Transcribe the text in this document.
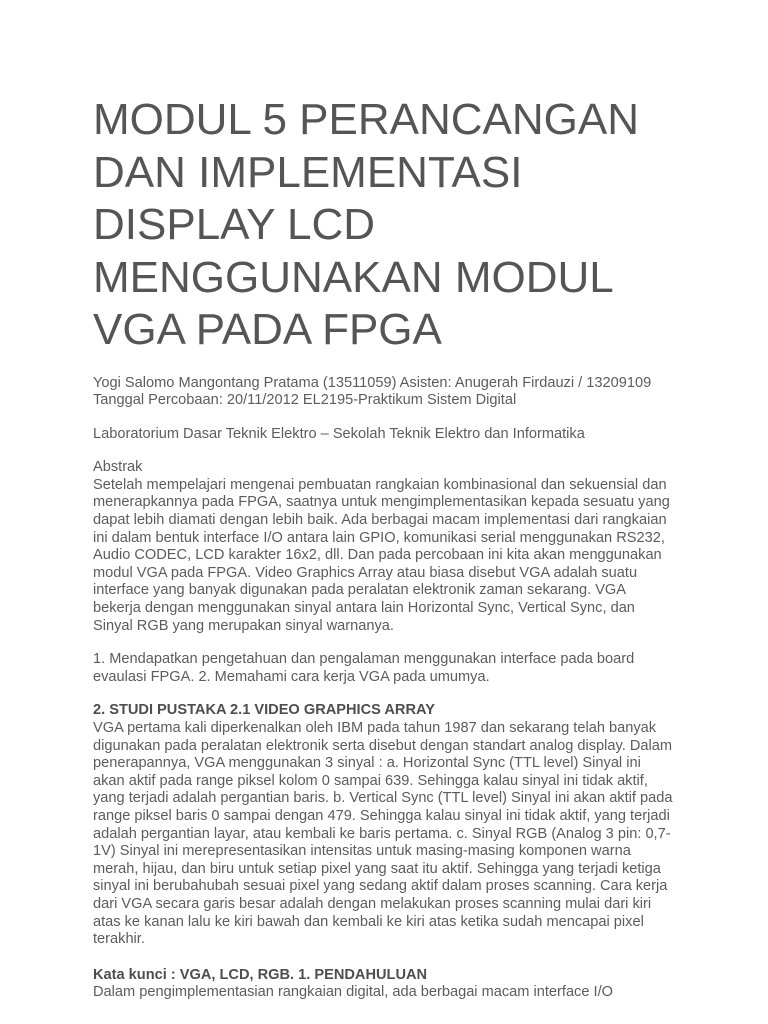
MODUL 5 PERANCANGAN DAN IMPLEMENTASI DISPLAY LCD MENGGUNAKAN MODUL VGA PADA FPGA

Yogi Salomo Mangontang Pratama (13511059) Asisten: Anugerah Firdauzi / 13209109 Tanggal Percobaan: 20/11/2012 EL2195-Praktikum Sistem Digital

Laboratorium Dasar Teknik Elektro – Sekolah Teknik Elektro dan Informatika

Abstrak
Setelah mempelajari mengenai pembuatan rangkaian kombinasional dan sekuensial dan menerapkannya pada FPGA, saatnya untuk mengimplementasikan kepada sesuatu yang dapat lebih diamati dengan lebih baik. Ada berbagai macam implementasi dari rangkaian ini dalam bentuk interface I/O antara lain GPIO, komunikasi serial menggunakan RS232, Audio CODEC, LCD karakter 16x2, dll. Dan pada percobaan ini kita akan menggunakan modul VGA pada FPGA. Video Graphics Array atau biasa disebut VGA adalah suatu interface yang banyak digunakan pada peralatan elektronik zaman sekarang. VGA bekerja dengan menggunakan sinyal antara lain Horizontal Sync, Vertical Sync, dan Sinyal RGB yang merupakan sinyal warnanya.

1. Mendapatkan pengetahuan dan pengalaman menggunakan interface pada board evaulasi FPGA. 2. Memahami cara kerja VGA pada umumya.

2. STUDI PUSTAKA 2.1 VIDEO GRAPHICS ARRAY
VGA pertama kali diperkenalkan oleh IBM pada tahun 1987 dan sekarang telah banyak digunakan pada peralatan elektronik serta disebut dengan standart analog display. Dalam penerapannya, VGA menggunakan 3 sinyal : a. Horizontal Sync (TTL level) Sinyal ini akan aktif pada range piksel kolom 0 sampai 639. Sehingga kalau sinyal ini tidak aktif, yang terjadi adalah pergantian baris. b. Vertical Sync (TTL level) Sinyal ini akan aktif pada range piksel baris 0 sampai dengan 479. Sehingga kalau sinyal ini tidak aktif, yang terjadi adalah pergantian layar, atau kembali ke baris pertama. c. Sinyal RGB (Analog 3 pin: 0,7-1V) Sinyal ini merepresentasikan intensitas untuk masing-masing komponen warna merah, hijau, dan biru untuk setiap pixel yang saat itu aktif. Sehingga yang terjadi ketiga sinyal ini berubahubah sesuai pixel yang sedang aktif dalam proses scanning. Cara kerja dari VGA secara garis besar adalah dengan melakukan proses scanning mulai dari kiri atas ke kanan lalu ke kiri bawah dan kembali ke kiri atas ketika sudah mencapai pixel terakhir.
Kata kunci : VGA, LCD, RGB. 1. PENDAHULUAN
Dalam pengimplementasian rangkaian digital, ada berbagai macam interface I/O
